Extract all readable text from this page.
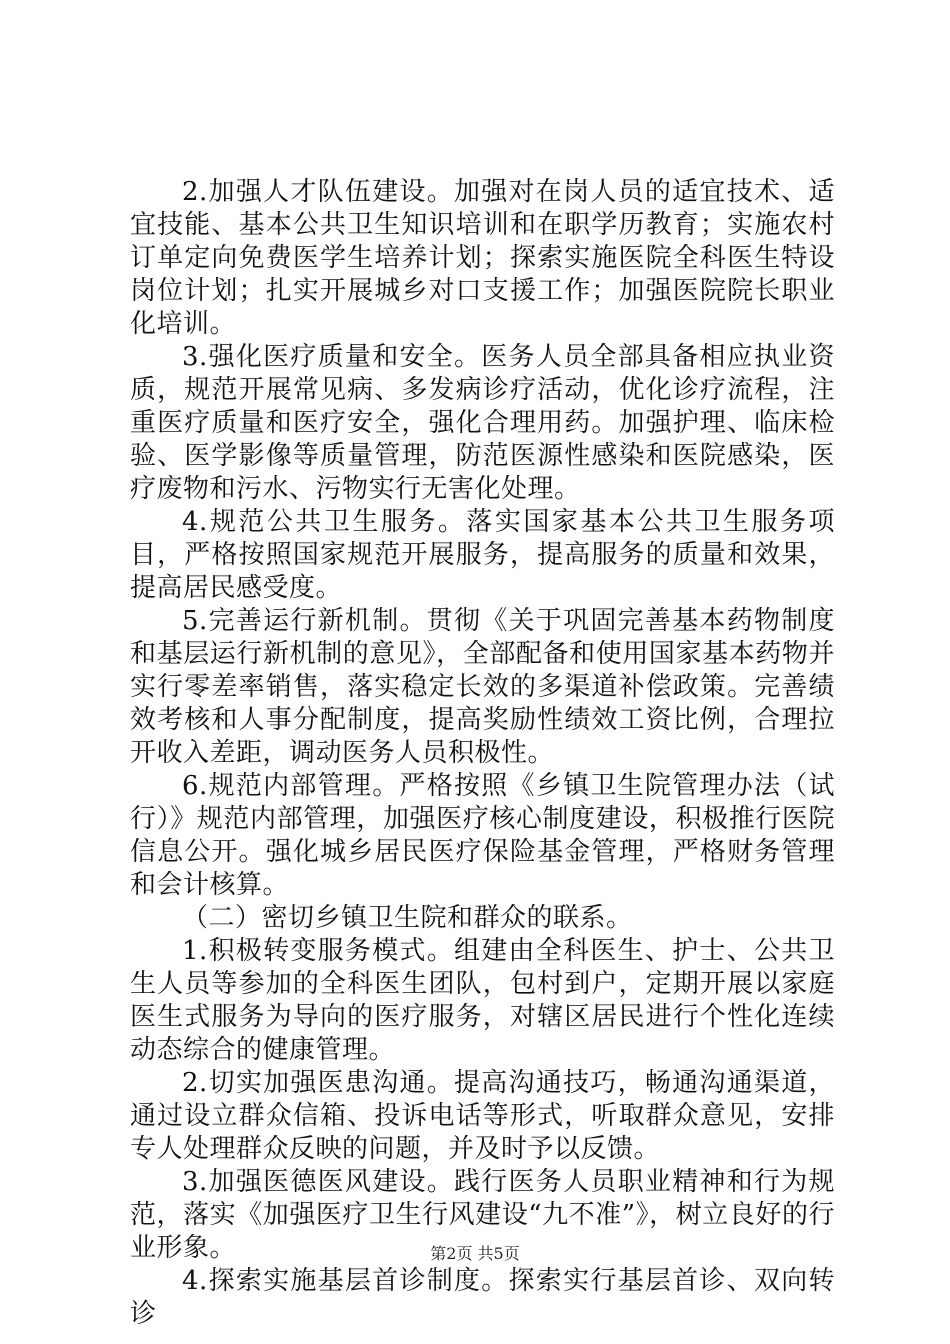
2.加强人才队伍建设。加强对在岗人员的适宜技术、适宜技能、基本公共卫生知识培训和在职学历教育；实施农村订单定向免费医学生培养计划；探索实施医院全科医生特设岗位计划；扎实开展城乡对口支援工作；加强医院院长职业化培训。

3.强化医疗质量和安全。医务人员全部具备相应执业资质，规范开展常见病、多发病诊疗活动，优化诊疗流程，注重医疗质量和医疗安全，强化合理用药。加强护理、临床检验、医学影像等质量管理，防范医源性感染和医院感染，医疗废物和污水、污物实行无害化处理。

4.规范公共卫生服务。落实国家基本公共卫生服务项目，严格按照国家规范开展服务，提高服务的质量和效果，提高居民感受度。

5.完善运行新机制。贯彻《关于巩固完善基本药物制度和基层运行新机制的意见》，全部配备和使用国家基本药物并实行零差率销售，落实稳定长效的多渠道补偿政策。完善绩效考核和人事分配制度，提高奖励性绩效工资比例，合理拉开收入差距，调动医务人员积极性。

6.规范内部管理。严格按照《乡镇卫生院管理办法（试行）》规范内部管理，加强医疗核心制度建设，积极推行医院信息公开。强化城乡居民医疗保险基金管理，严格财务管理和会计核算。

（二）密切乡镇卫生院和群众的联系。

1.积极转变服务模式。组建由全科医生、护士、公共卫生人员等参加的全科医生团队，包村到户，定期开展以家庭医生式服务为导向的医疗服务，对辖区居民进行个性化连续动态综合的健康管理。

2.切实加强医患沟通。提高沟通技巧，畅通沟通渠道，通过设立群众信箱、投诉电话等形式，听取群众意见，安排专人处理群众反映的问题，并及时予以反馈。

3.加强医德医风建设。践行医务人员职业精神和行为规范，落实《加强医疗卫生行风建设“九不准”》，树立良好的行业形象。

4.探索实施基层首诊制度。探索实行基层首诊、双向转诊

第2页 共5页
